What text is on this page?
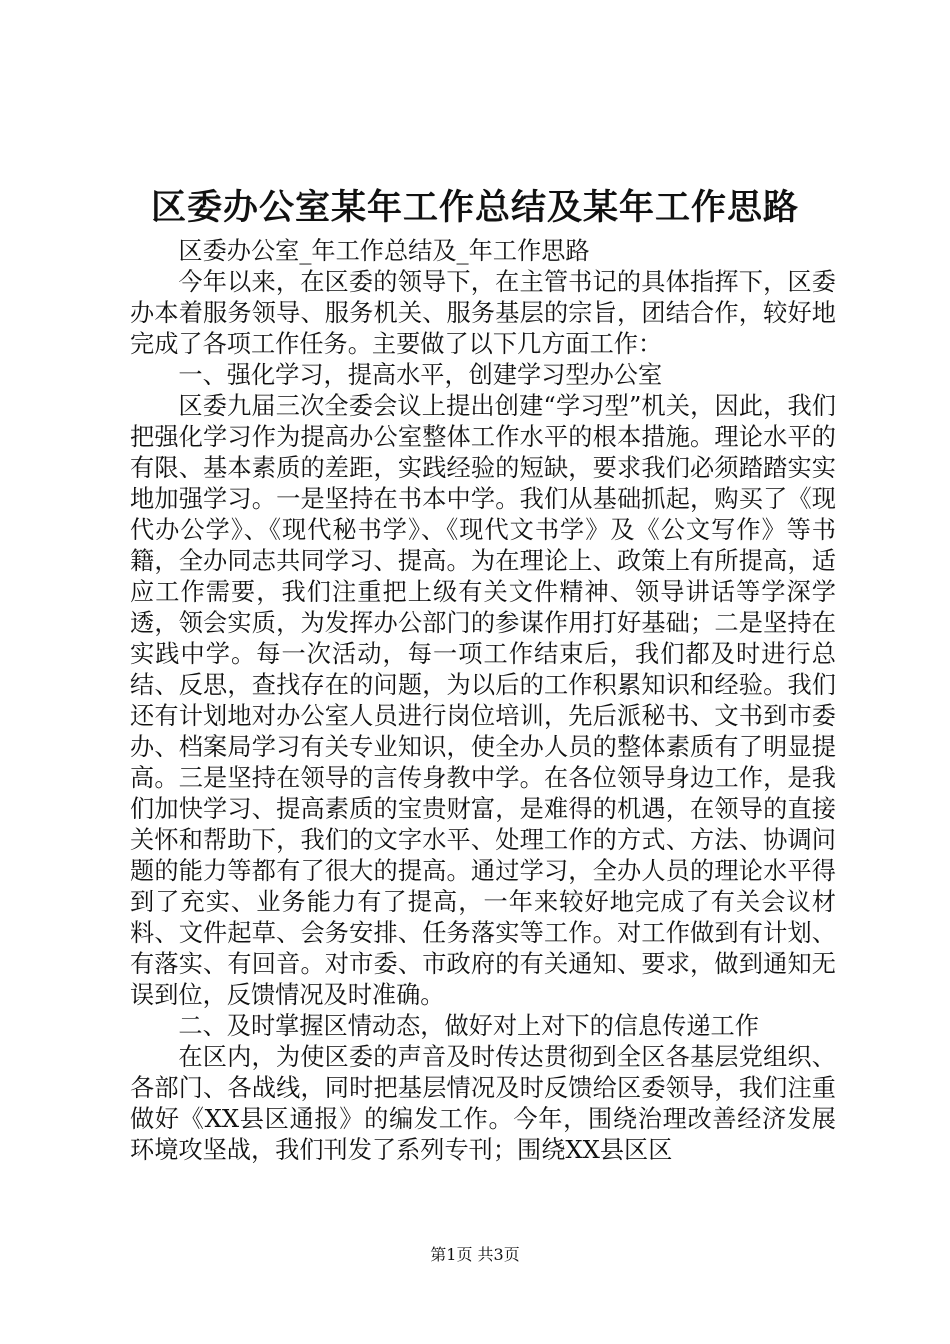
区委办公室某年工作总结及某年工作思路

区委办公室_年工作总结及_年工作思路

今年以来，在区委的领导下，在主管书记的具体指挥下，区委办本着服务领导、服务机关、服务基层的宗旨，团结合作，较好地完成了各项工作任务。主要做了以下几方面工作：

一、强化学习，提高水平，创建学习型办公室

区委九届三次全委会议上提出创建“学习型”机关，因此，我们把强化学习作为提高办公室整体工作水平的根本措施。理论水平的有限、基本素质的差距，实践经验的短缺，要求我们必须踏踏实实地加强学习。一是坚持在书本中学。我们从基础抓起，购买了《现代办公学》、《现代秘书学》、《现代文书学》及《公文写作》等书籍，全办同志共同学习、提高。为在理论上、政策上有所提高，适应工作需要，我们注重把上级有关文件精神、领导讲话等学深学透，领会实质，为发挥办公部门的参谋作用打好基础；二是坚持在实践中学。每一次活动，每一项工作结束后，我们都及时进行总结、反思，查找存在的问题，为以后的工作积累知识和经验。我们还有计划地对办公室人员进行岗位培训，先后派秘书、文书到市委办、档案局学习有关专业知识，使全办人员的整体素质有了明显提高。三是坚持在领导的言传身教中学。在各位领导身边工作，是我们加快学习、提高素质的宝贵财富，是难得的机遇，在领导的直接关怀和帮助下，我们的文字水平、处理工作的方式、方法、协调问题的能力等都有了很大的提高。通过学习，全办人员的理论水平得到了充实、业务能力有了提高，一年来较好地完成了有关会议材料、文件起草、会务安排、任务落实等工作。对工作做到有计划、有落实、有回音。对市委、市政府的有关通知、要求，做到通知无误到位，反馈情况及时准确。

二、及时掌握区情动态，做好对上对下的信息传递工作

在区内，为使区委的声音及时传达贯彻到全区各基层党组织、各部门、各战线，同时把基层情况及时反馈给区委领导，我们注重做好《XX县区通报》的编发工作。今年，围绕治理改善经济发展环境攻坚战，我们刊发了系列专刊；围绕XX县区区

第1页 共3页
